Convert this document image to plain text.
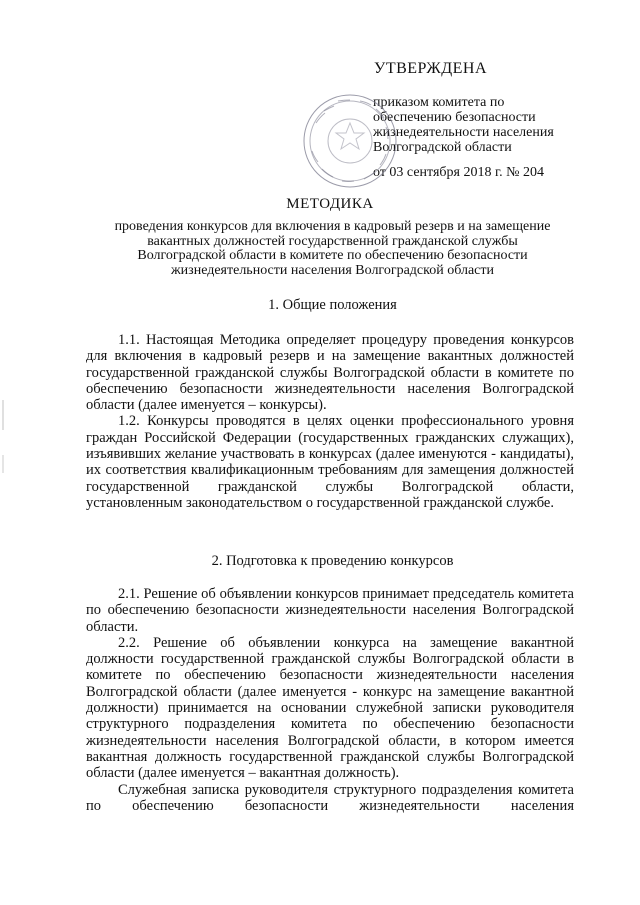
УТВЕРЖДЕНА
приказом комитета по
обеспечению безопасности
жизнедеятельности населения
Волгоградской области
от 03 сентября 2018 г. № 204
МЕТОДИКА
проведения конкурсов для включения в кадровый резерв и на замещение
вакантных должностей государственной гражданской службы
Волгоградской области в комитете по обеспечению безопасности
жизнедеятельности населения Волгоградской области
1. Общие положения

1.1. Настоящая Методика определяет процедуру проведения конкурсов для включения в кадровый резерв и на замещение вакантных должностей государственной гражданской службы Волгоградской области в комитете по обеспечению безопасности жизнедеятельности населения Волгоградской области (далее именуется – конкурсы).

1.2. Конкурсы проводятся в целях оценки профессионального уровня граждан Российской Федерации (государственных гражданских служащих), изъявивших желание участвовать в конкурсах (далее именуются - кандидаты), их соответствия квалификационным требованиям для замещения должностей государственной гражданской службы Волгоградской области, установленным законодательством о государственной гражданской службе.

2. Подготовка к проведению конкурсов

2.1. Решение об объявлении конкурсов принимает председатель комитета по обеспечению безопасности жизнедеятельности населения Волгоградской области.

2.2. Решение об объявлении конкурса на замещение вакантной должности государственной гражданской службы Волгоградской области в комитете по обеспечению безопасности жизнедеятельности населения Волгоградской области (далее именуется - конкурс на замещение вакантной должности) принимается на основании служебной записки руководителя структурного подразделения комитета по обеспечению безопасности жизнедеятельности населения Волгоградской области, в котором имеется вакантная должность государственной гражданской службы Волгоградской области (далее именуется – вакантная должность).

Служебная записка руководителя структурного подразделения комитета по обеспечению безопасности жизнедеятельности населения
